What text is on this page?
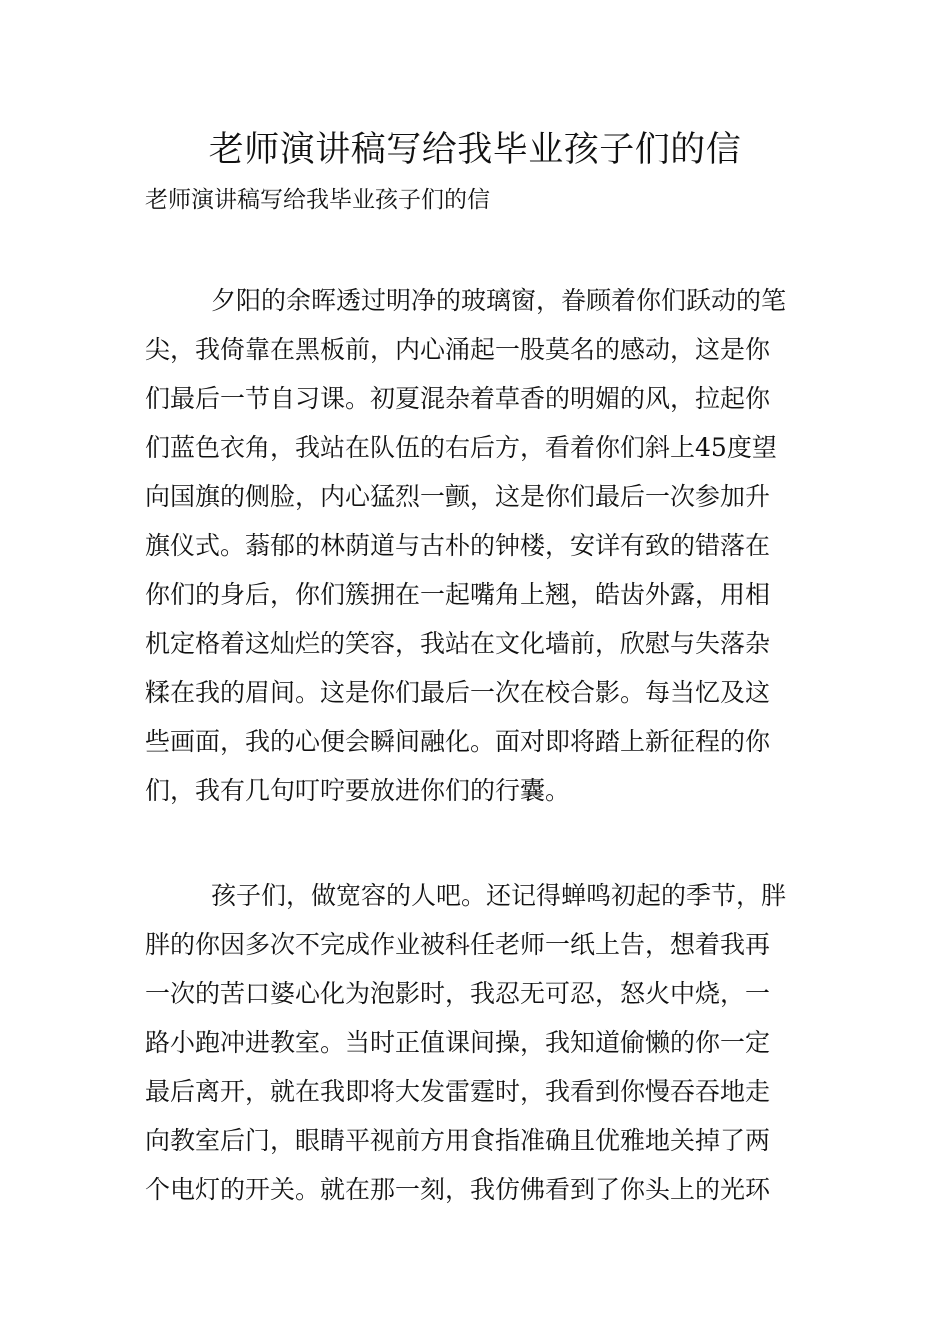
老师演讲稿写给我毕业孩子们的信

老师演讲稿写给我毕业孩子们的信

夕阳的余晖透过明净的玻璃窗，眷顾着你们跃动的笔
尖，我倚靠在黑板前，内心涌起一股莫名的感动，这是你
们最后一节自习课。初夏混杂着草香的明媚的风，拉起你
们蓝色衣角，我站在队伍的右后方，看着你们斜上45度望
向国旗的侧脸，内心猛烈一颤，这是你们最后一次参加升
旗仪式。蓊郁的林荫道与古朴的钟楼，安详有致的错落在
你们的身后，你们簇拥在一起嘴角上翘，皓齿外露，用相
机定格着这灿烂的笑容，我站在文化墙前，欣慰与失落杂
糅在我的眉间。这是你们最后一次在校合影。每当忆及这
些画面，我的心便会瞬间融化。面对即将踏上新征程的你
们，我有几句叮咛要放进你们的行囊。
孩子们，做宽容的人吧。还记得蝉鸣初起的季节，胖
胖的你因多次不完成作业被科任老师一纸上告，想着我再
一次的苦口婆心化为泡影时，我忍无可忍，怒火中烧，一
路小跑冲进教室。当时正值课间操，我知道偷懒的你一定
最后离开，就在我即将大发雷霆时，我看到你慢吞吞地走
向教室后门，眼睛平视前方用食指准确且优雅地关掉了两
个电灯的开关。就在那一刻，我仿佛看到了你头上的光环
